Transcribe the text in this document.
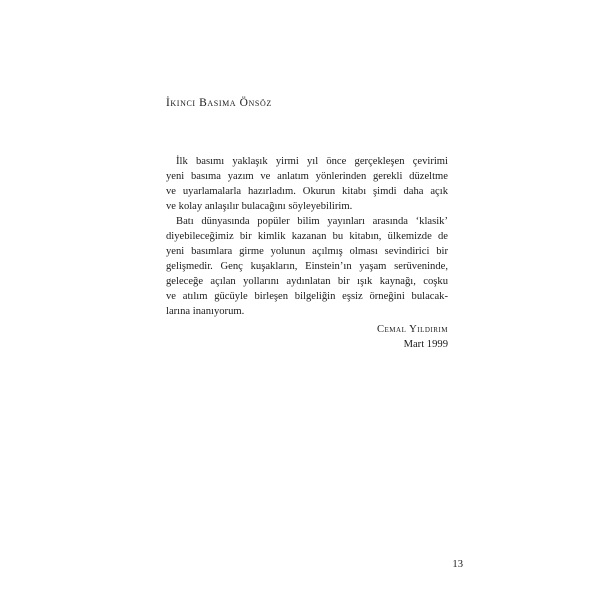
İkinci Basıma Önsöz
İlk basımı yaklaşık yirmi yıl önce gerçekleşen çevirimi
yeni basıma yazım ve anlatım yönlerinden gerekli düzeltme
ve uyarlamalarla hazırladım. Okurun kitabı şimdi daha açık
ve kolay anlaşılır bulacağını söyleyebilirim.
Batı dünyasında popüler bilim yayınları arasında ‘klasik’
diyebileceğimiz bir kimlik kazanan bu kitabın, ülkemizde de
yeni basımlara girme yolunun açılmış olması sevindirici bir
gelişmedir. Genç kuşakların, Einstein’ın yaşam serüveninde,
geleceğe açılan yollarını aydınlatan bir ışık kaynağı, coşku
ve atılım gücüyle birleşen bilgeliğin eşsiz örneğini bulacak-
larına inanıyorum.
Cemal Yıldırım
Mart 1999
13
